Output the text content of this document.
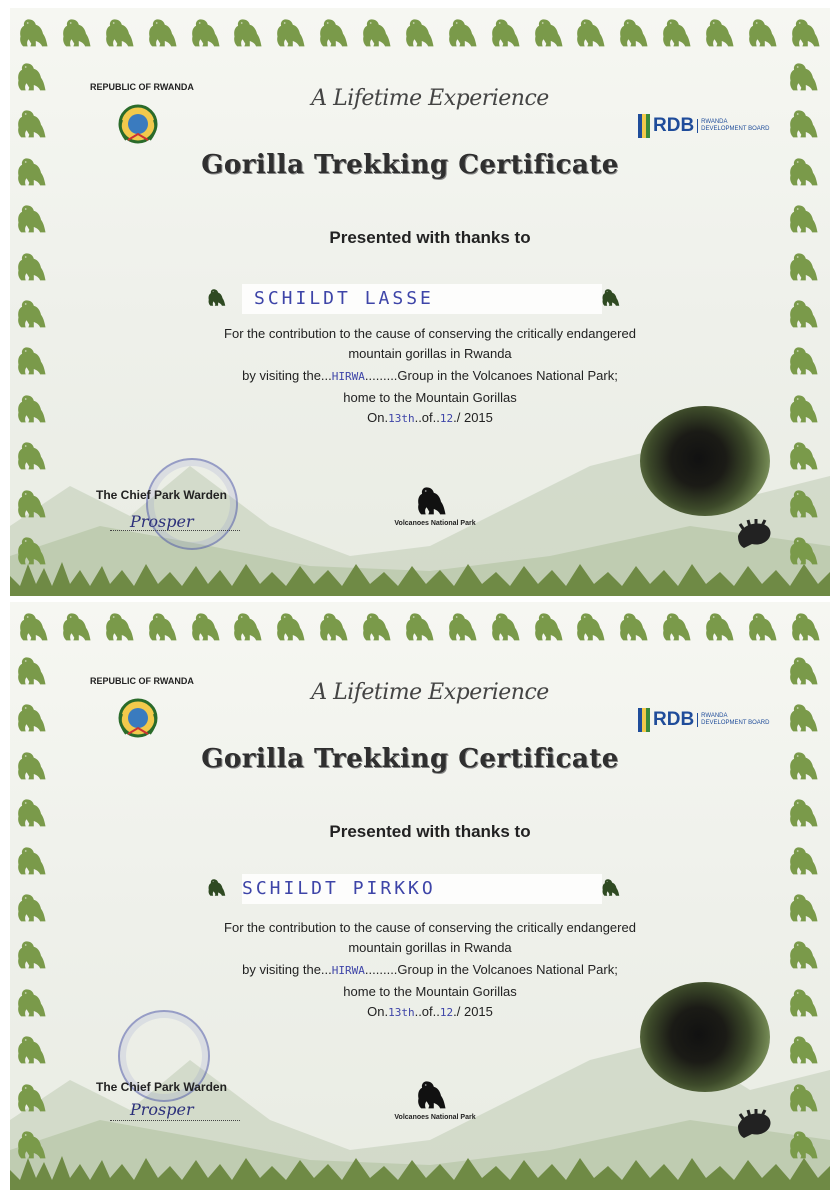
REPUBLIC OF RWANDA	A Lifetime Experience
RDB	RWANDA DEVELOPMENT BOARD
Gorilla Trekking Certificate
Presented with thanks to
SCHILDT LASSE
For the contribution to the cause of conserving the critically endangered
mountain gorillas in Rwanda
by visiting the...HIRWA.........Group in the Volcanoes National Park;
home to the Mountain Gorillas
On.13th..of..12./ 2015
The Chief Park Warden
Prosper	Volcanoes National Park
REPUBLIC OF RWANDA	A Lifetime Experience
RDB	RWANDA DEVELOPMENT BOARD
Gorilla Trekking Certificate
Presented with thanks to
SCHILDT PIRKKO
For the contribution to the cause of conserving the critically endangered
mountain gorillas in Rwanda
by visiting the...HIRWA.........Group in the Volcanoes National Park;
home to the Mountain Gorillas
On.13th..of..12./ 2015
The Chief Park Warden
Prosper	Volcanoes National Park
